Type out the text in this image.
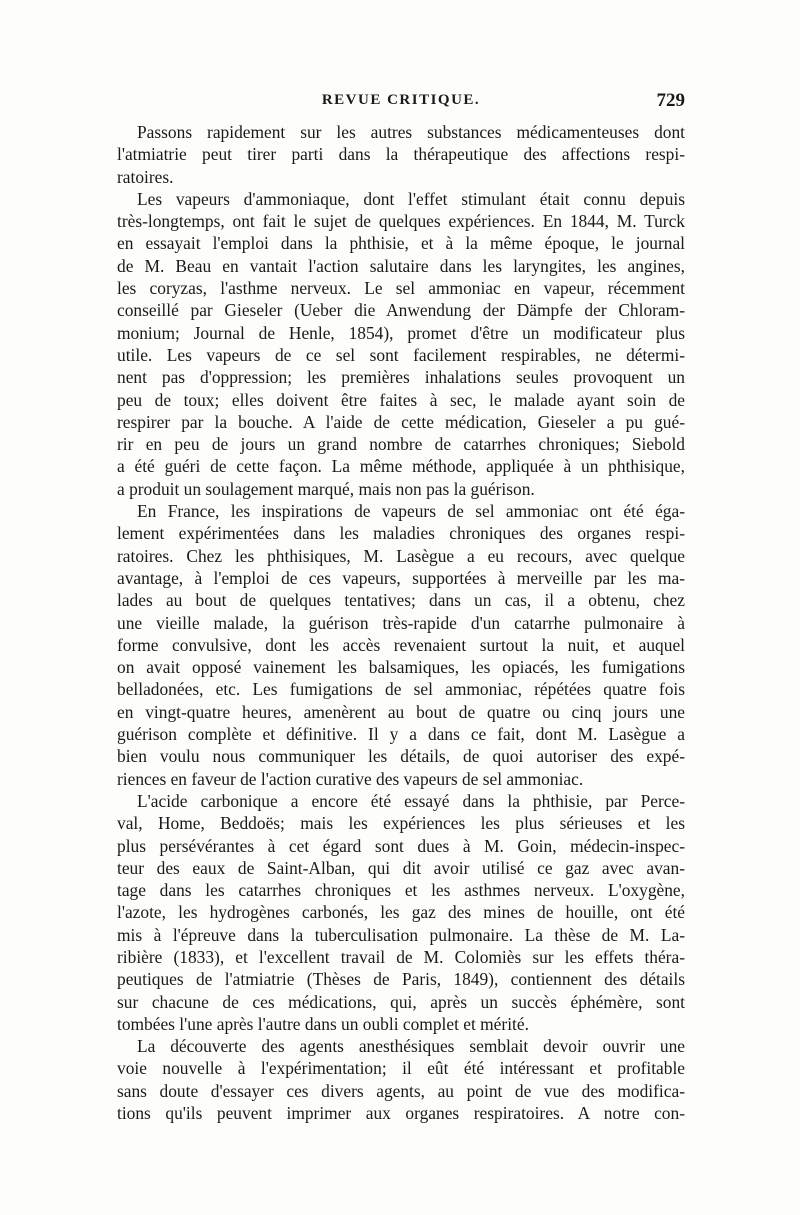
REVUE CRITIQUE.	729
Passons rapidement sur les autres substances médicamenteuses dont
l'atmiatrie peut tirer parti dans la thérapeutique des affections respi-
ratoires.
Les vapeurs d'ammoniaque, dont l'effet stimulant était connu depuis
très-longtemps, ont fait le sujet de quelques expériences. En 1844, M. Turck
en essayait l'emploi dans la phthisie, et à la même époque, le journal
de M. Beau en vantait l'action salutaire dans les laryngites, les angines,
les coryzas, l'asthme nerveux. Le sel ammoniac en vapeur, récemment
conseillé par Gieseler (Ueber die Anwendung der Dämpfe der Chloram-
monium; Journal de Henle, 1854), promet d'être un modificateur plus
utile. Les vapeurs de ce sel sont facilement respirables, ne détermi-
nent pas d'oppression; les premières inhalations seules provoquent un
peu de toux; elles doivent être faites à sec, le malade ayant soin de
respirer par la bouche. A l'aide de cette médication, Gieseler a pu gué-
rir en peu de jours un grand nombre de catarrhes chroniques; Siebold
a été guéri de cette façon. La même méthode, appliquée à un phthisique,
a produit un soulagement marqué, mais non pas la guérison.
En France, les inspirations de vapeurs de sel ammoniac ont été éga-
lement expérimentées dans les maladies chroniques des organes respi-
ratoires. Chez les phthisiques, M. Lasègue a eu recours, avec quelque
avantage, à l'emploi de ces vapeurs, supportées à merveille par les ma-
lades au bout de quelques tentatives; dans un cas, il a obtenu, chez
une vieille malade, la guérison très-rapide d'un catarrhe pulmonaire à
forme convulsive, dont les accès revenaient surtout la nuit, et auquel
on avait opposé vainement les balsamiques, les opiacés, les fumigations
belladonées, etc. Les fumigations de sel ammoniac, répétées quatre fois
en vingt-quatre heures, amenèrent au bout de quatre ou cinq jours une
guérison complète et définitive. Il y a dans ce fait, dont M. Lasègue a
bien voulu nous communiquer les détails, de quoi autoriser des expé-
riences en faveur de l'action curative des vapeurs de sel ammoniac.
L'acide carbonique a encore été essayé dans la phthisie, par Perce-
val, Home, Beddoës; mais les expériences les plus sérieuses et les
plus persévérantes à cet égard sont dues à M. Goin, médecin-inspec-
teur des eaux de Saint-Alban, qui dit avoir utilisé ce gaz avec avan-
tage dans les catarrhes chroniques et les asthmes nerveux. L'oxygène,
l'azote, les hydrogènes carbonés, les gaz des mines de houille, ont été
mis à l'épreuve dans la tuberculisation pulmonaire. La thèse de M. La-
ribière (1833), et l'excellent travail de M. Colomiès sur les effets théra-
peutiques de l'atmiatrie (Thèses de Paris, 1849), contiennent des détails
sur chacune de ces médications, qui, après un succès éphémère, sont
tombées l'une après l'autre dans un oubli complet et mérité.
La découverte des agents anesthésiques semblait devoir ouvrir une
voie nouvelle à l'expérimentation; il eût été intéressant et profitable
sans doute d'essayer ces divers agents, au point de vue des modifica-
tions qu'ils peuvent imprimer aux organes respiratoires. A notre con-
